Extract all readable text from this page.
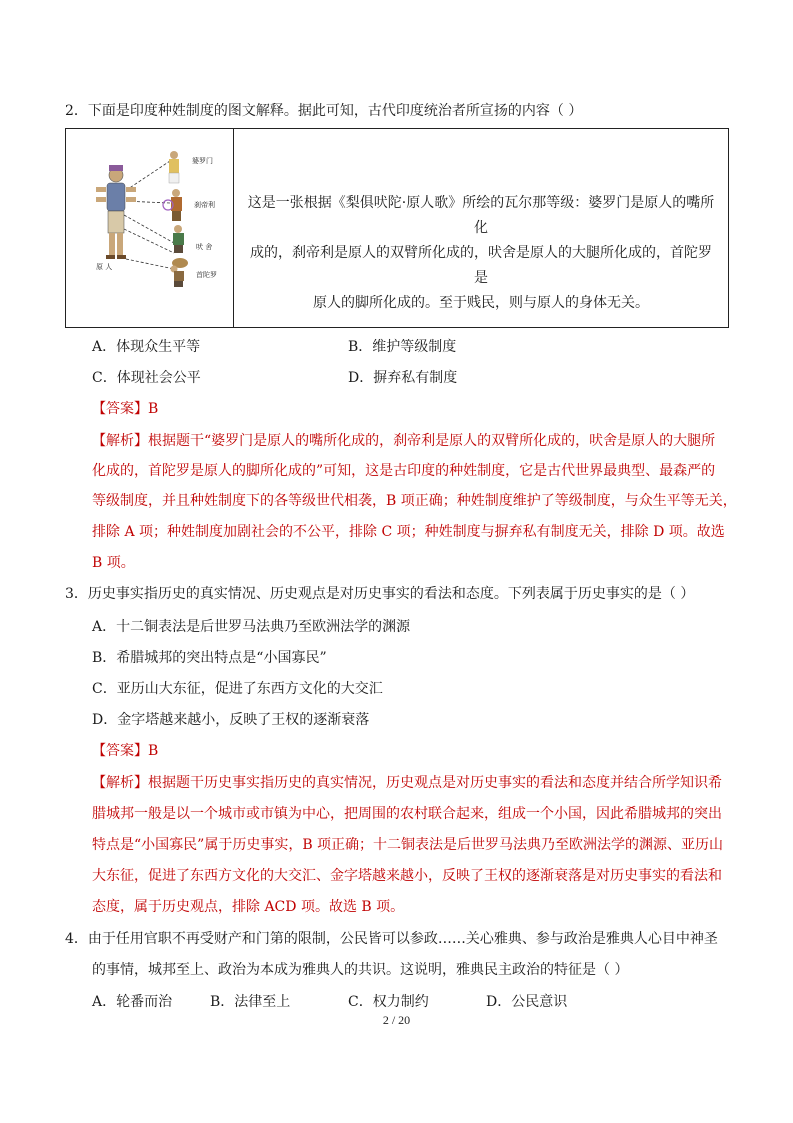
2．下面是印度种姓制度的图文解释。据此可知，古代印度统治者所宣扬的内容（ ）
婆罗门
刹帝利
吠 舍
首陀罗
原 人
这是一张根据《梨俱吠陀·原人歌》所绘的瓦尔那等级：婆罗门是原人的嘴所化
成的，刹帝利是原人的双臂所化成的，吠舍是原人的大腿所化成的，首陀罗是
原人的脚所化成的。至于贱民，则与原人的身体无关。
A．体现众生平等	B．维护等级制度
C．体现社会公平	D．摒弃私有制度
【答案】B
【解析】根据题干“婆罗门是原人的嘴所化成的，刹帝利是原人的双臂所化成的，吠舍是原人的大腿所
化成的，首陀罗是原人的脚所化成的”可知，这是古印度的种姓制度，它是古代世界最典型、最森严的
等级制度，并且种姓制度下的各等级世代相袭，B 项正确；种姓制度维护了等级制度，与众生平等无关，
排除 A 项；种姓制度加剧社会的不公平，排除 C 项；种姓制度与摒弃私有制度无关，排除 D 项。故选
B 项。
3．历史事实指历史的真实情况、历史观点是对历史事实的看法和态度。下列表属于历史事实的是（ ）
A．十二铜表法是后世罗马法典乃至欧洲法学的渊源
B．希腊城邦的突出特点是“小国寡民”
C．亚历山大东征，促进了东西方文化的大交汇
D．金字塔越来越小，反映了王权的逐渐衰落
【答案】B
【解析】根据题干历史事实指历史的真实情况，历史观点是对历史事实的看法和态度并结合所学知识希
腊城邦一般是以一个城市或市镇为中心，把周围的农村联合起来，组成一个小国，因此希腊城邦的突出
特点是“小国寡民”属于历史事实，B 项正确；十二铜表法是后世罗马法典乃至欧洲法学的渊源、亚历山
大东征，促进了东西方文化的大交汇、金字塔越来越小，反映了王权的逐渐衰落是对历史事实的看法和
态度，属于历史观点，排除 ACD 项。故选 B 项。
4．由于任用官职不再受财产和门第的限制，公民皆可以参政……关心雅典、参与政治是雅典人心目中神圣
的事情，城邦至上、政治为本成为雅典人的共识。这说明，雅典民主政治的特征是（ ）
A．轮番而治	B．法律至上	C．权力制约	D．公民意识
2 / 20
